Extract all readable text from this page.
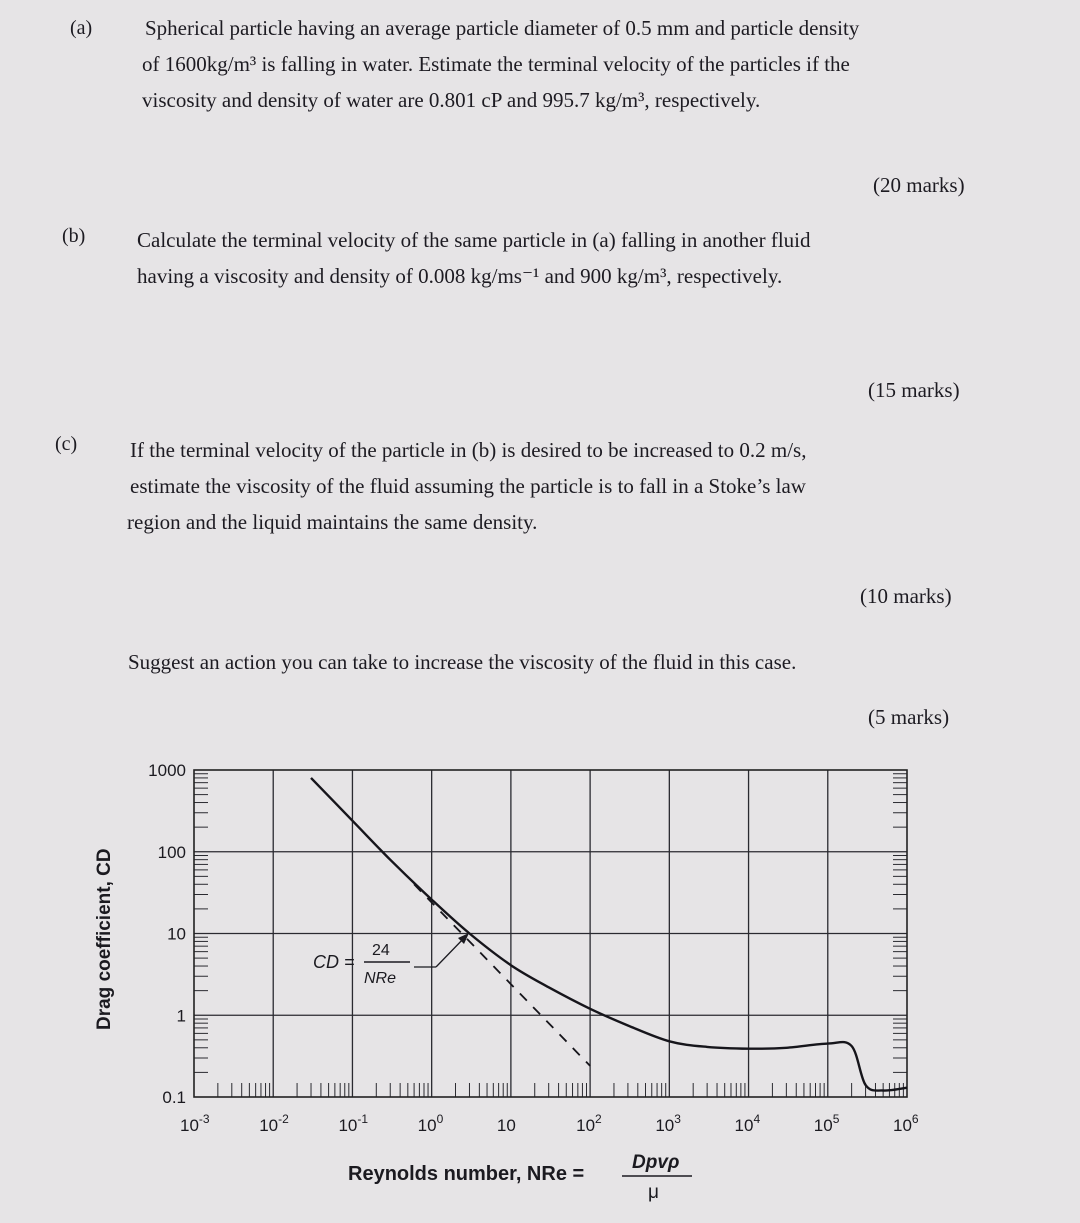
(a)	Spherical particle having an average particle diameter of 0.5 mm and particle density

of 1600kg/m³ is falling in water. Estimate the terminal velocity of the particles if the

viscosity and density of water are 0.801 cP and 995.7 kg/m³, respectively.

(20 marks)
(b) Calculate the terminal velocity of the same particle in (a) falling in another fluid

having a viscosity and density of 0.008 kg/ms⁻¹ and 900 kg/m³, respectively.

(15 marks)
(c)	If the terminal velocity of the particle in (b) is desired to be increased to 0.2 m/s,

estimate the viscosity of the fluid assuming the particle is to fall in a Stoke’s law

region and the liquid maintains the same density.

(10 marks)
Suggest an action you can take to increase the viscosity of the fluid in this case.
(5 marks)
1000
100
10
1
0.1
$10^{-3}$	$10^{-2}$	$10^{-1}$	$10^0$	10	$10^2$	$10^3$	$10^4$	$10^5$	$10^6$
CD =
24
NRe
Drag coefficient, CD
Reynolds number, NRe =
Dpvρ
μ
